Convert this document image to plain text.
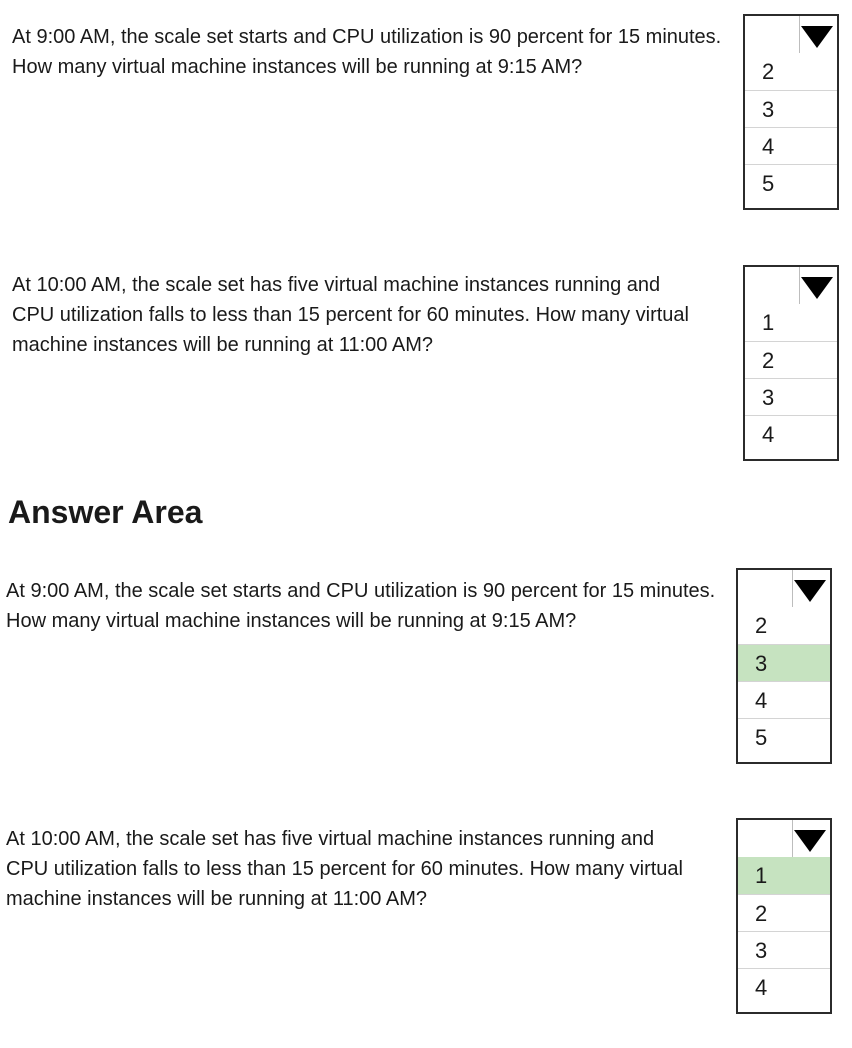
At 9:00 AM, the scale set starts and CPU utilization is 90 percent for 15 minutes. How many virtual machine instances will be running at 9:15 AM?	2
3
4
5

At 10:00 AM, the scale set has five virtual machine instances running and CPU utilization falls to less than 15 percent for 60 minutes. How many virtual machine instances will be running at 11:00 AM?

1
2
3
4
Answer Area

At 9:00 AM, the scale set starts and CPU utilization is 90 percent for 15 minutes. How many virtual machine instances will be running at 9:15 AM?	2
3
4
5

At 10:00 AM, the scale set has five virtual machine instances running and CPU utilization falls to less than 15 percent for 60 minutes. How many virtual machine instances will be running at 11:00 AM?

1
2
3
4
